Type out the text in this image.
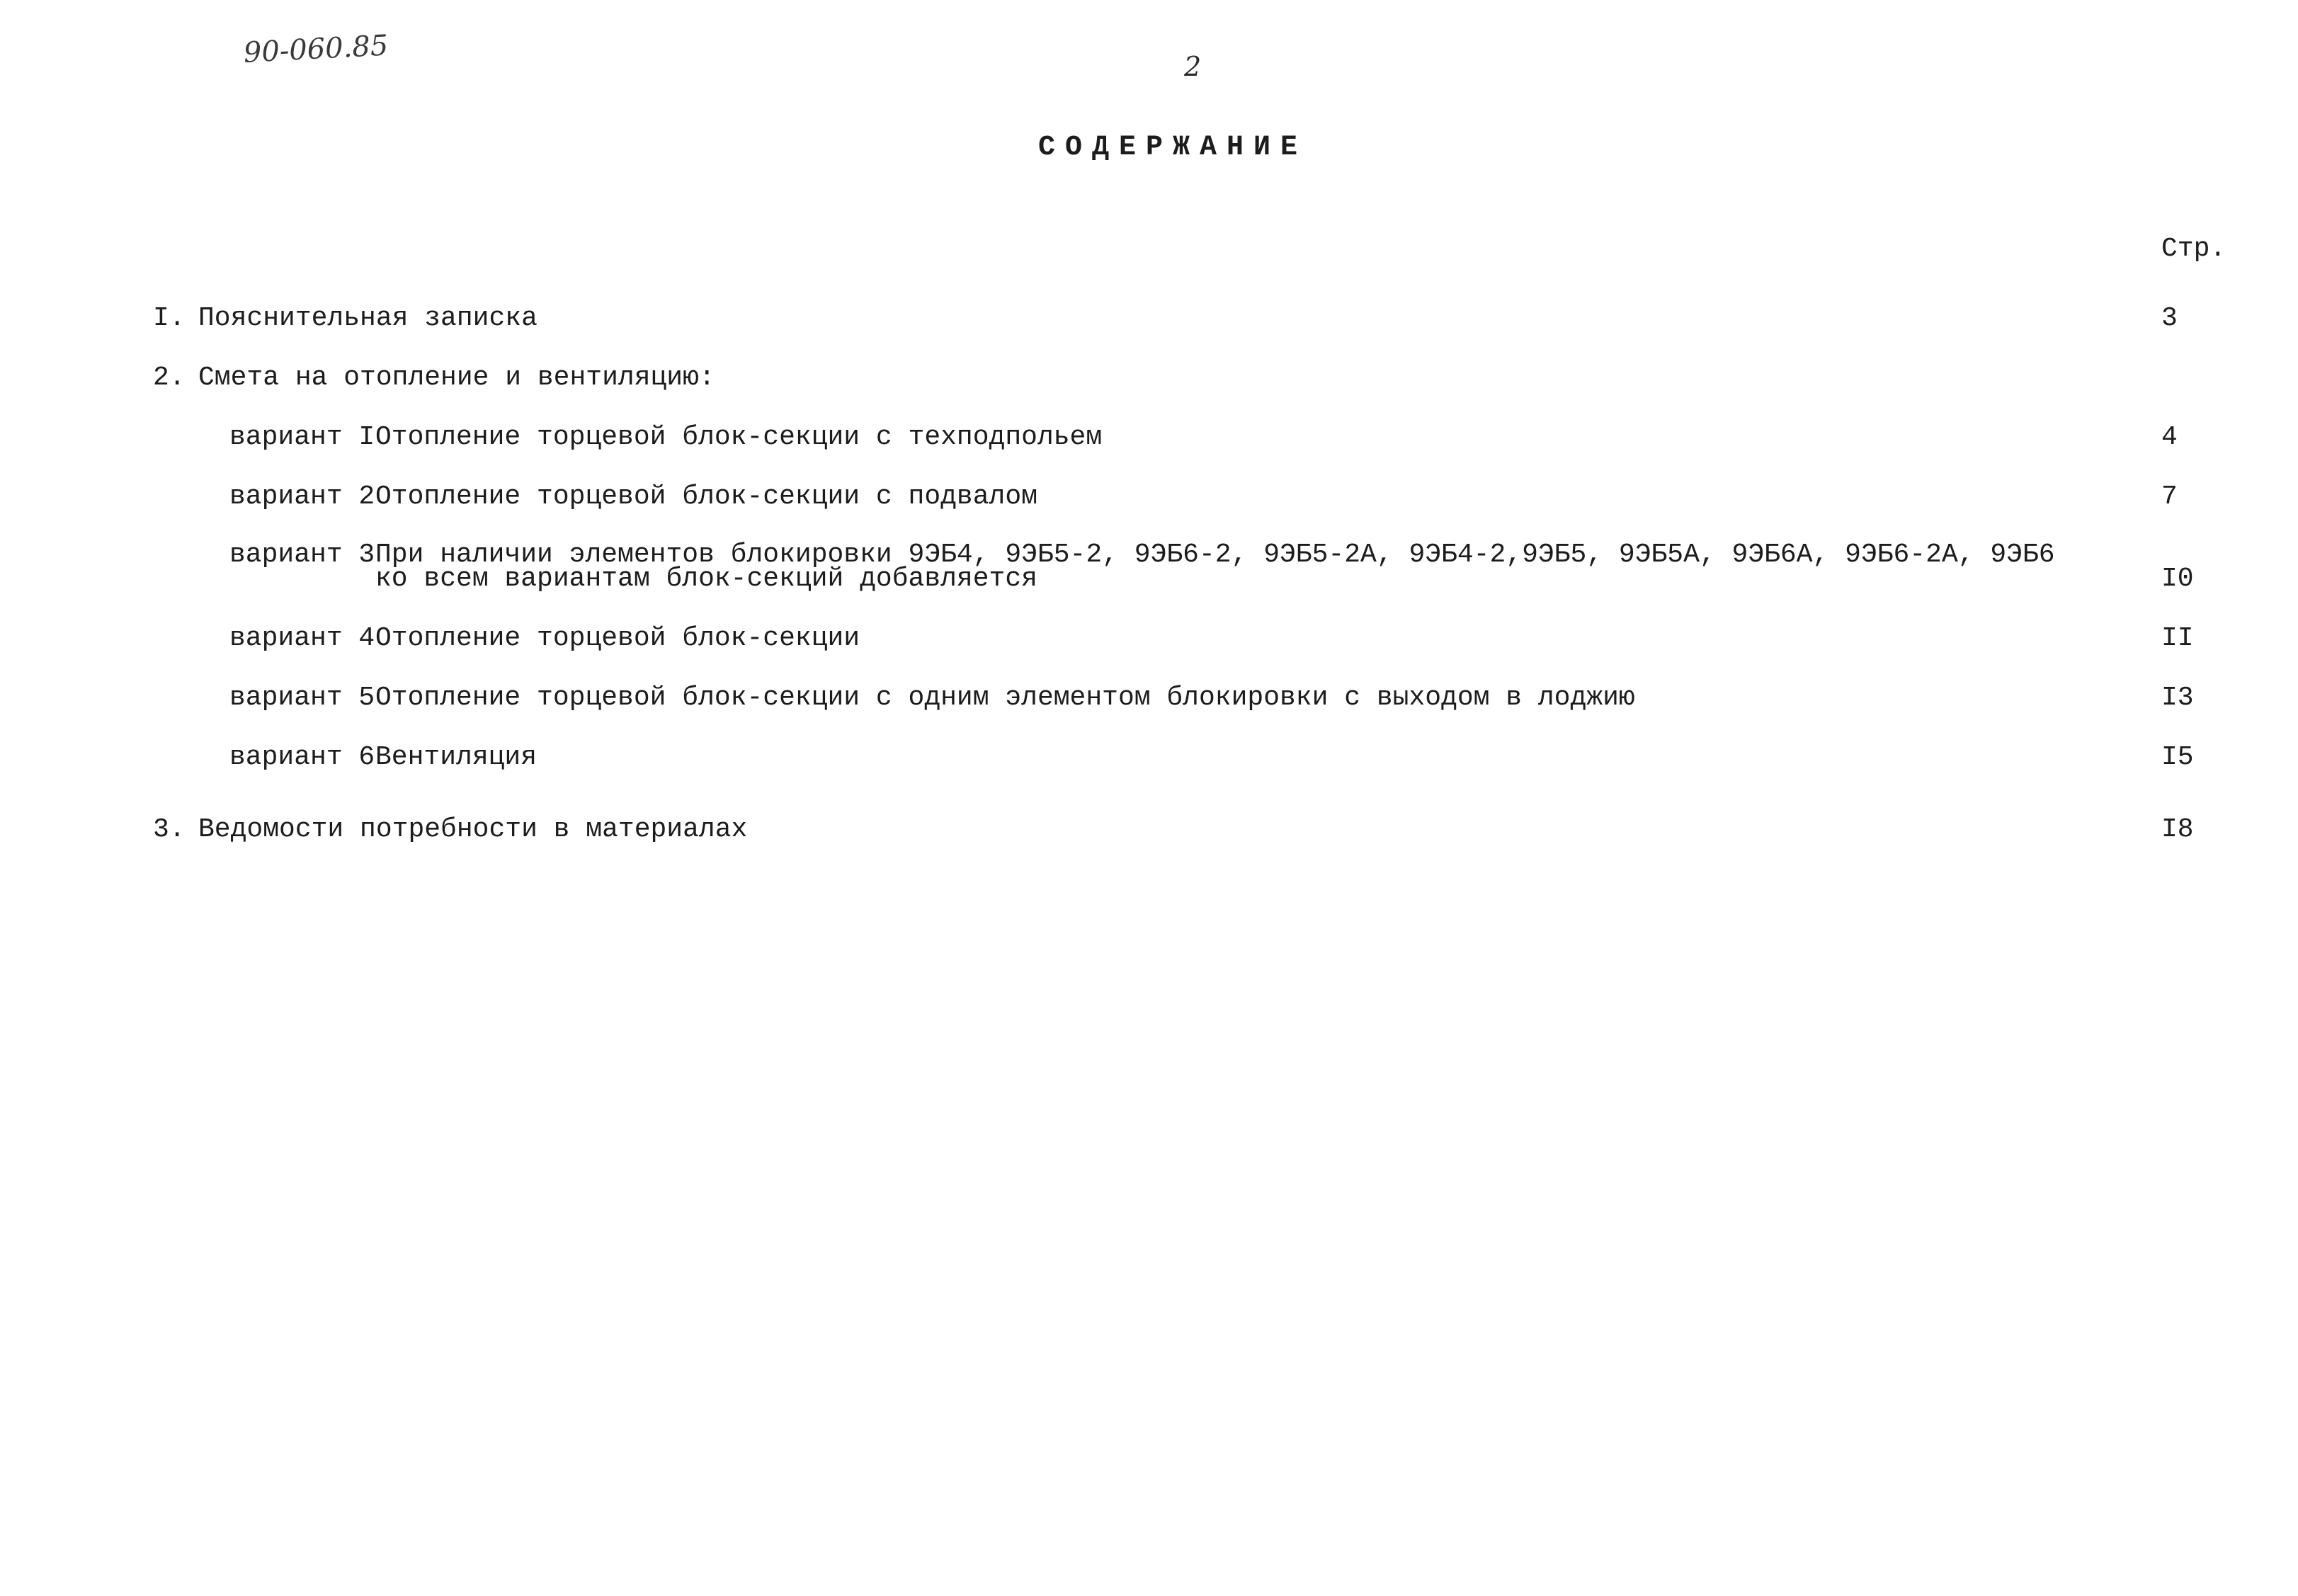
90-060.85	2
СОДЕРЖАНИЕ
Стр.
I. Пояснительная записка	3
2. Смета на отопление и вентиляцию:
вариант I Отопление торцевой блок-секции с техподпольем	4
вариант 2 Отопление торцевой блок-секции с подвалом	7
вариант 3 При наличии элементов блокировки 9ЭБ4, 9ЭБ5-2, 9ЭБ6-2, 9ЭБ5-2А, 9ЭБ4-2,9ЭБ5, 9ЭБ5А, 9ЭБ6А, 9ЭБ6-2А, 9ЭБ6
ко всем вариантам блок-секций добавляется	I0
вариант 4 Отопление торцевой блок-секции	II
вариант 5 Отопление торцевой блок-секции с одним элементом блокировки с выходом в лоджию	I3
вариант 6 Вентиляция	I5
3. Ведомости потребности в материалах	I8
